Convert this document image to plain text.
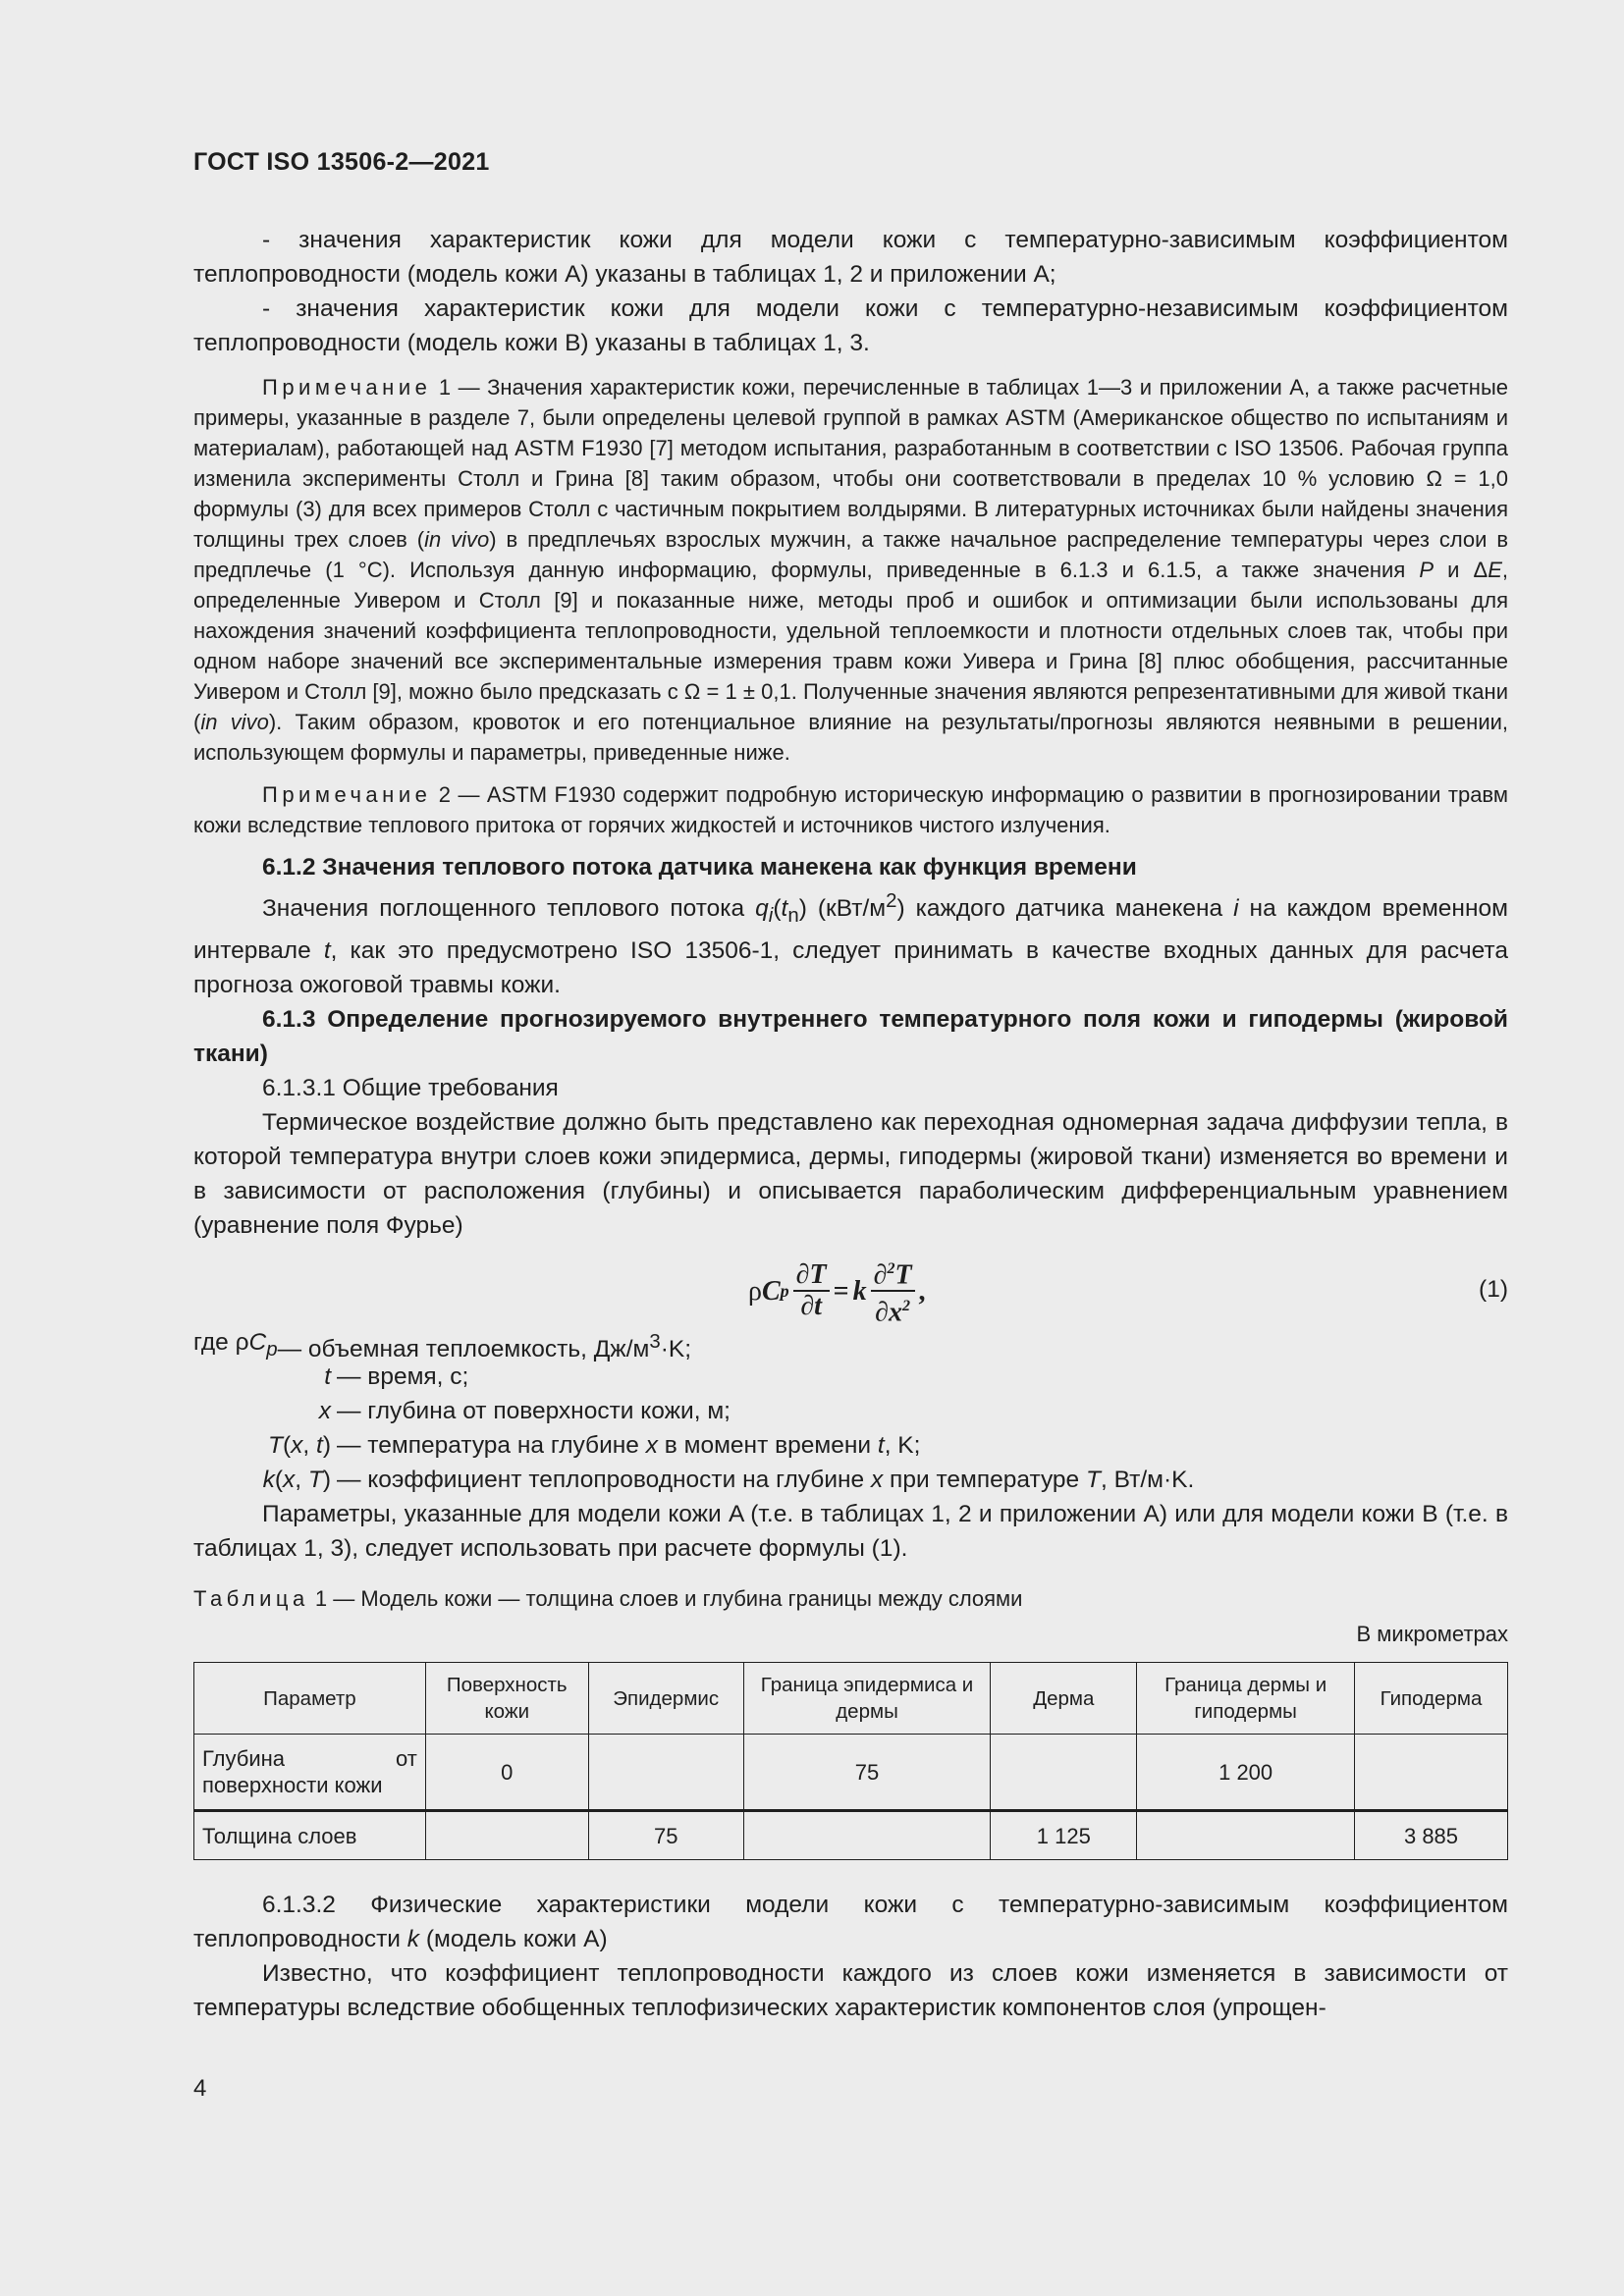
ГОСТ ISO 13506-2—2021

- значения характеристик кожи для модели кожи с температурно-зависимым коэффициентом теплопроводности (модель кожи A) указаны в таблицах 1, 2 и приложении А;

- значения характеристик кожи для модели кожи с температурно-независимым коэффициентом теплопроводности (модель кожи B) указаны в таблицах 1, 3.

Примечание 1 — Значения характеристик кожи, перечисленные в таблицах 1—3 и приложении А, а также расчетные примеры, указанные в разделе 7, были определены целевой группой в рамках ASTM (Американское общество по испытаниям и материалам), работающей над ASTM F1930 [7] методом испытания, разработанным в соответствии с ISO 13506. Рабочая группа изменила эксперименты Столл и Грина [8] таким образом, чтобы они соответствовали в пределах 10 % условию Ω = 1,0 формулы (3) для всех примеров Столл с частичным покрытием волдырями. В литературных источниках были найдены значения толщины трех слоев (in vivo) в предплечьях взрослых мужчин, а также начальное распределение температуры через слои в предплечье (1 °С). Используя данную информацию, формулы, приведенные в 6.1.3 и 6.1.5, а также значения P и ΔE, определенные Уивером и Столл [9] и показанные ниже, методы проб и ошибок и оптимизации были использованы для нахождения значений коэффициента теплопроводности, удельной теплоемкости и плотности отдельных слоев так, чтобы при одном наборе значений все экспериментальные измерения травм кожи Уивера и Грина [8] плюс обобщения, рассчитанные Уивером и Столл [9], можно было предсказать с Ω = 1 ± 0,1. Полученные значения являются репрезентативными для живой ткани (in vivo). Таким образом, кровоток и его потенциальное влияние на результаты/прогнозы являются неявными в решении, использующем формулы и параметры, приведенные ниже.

Примечание 2 — ASTM F1930 содержит подробную историческую информацию о развитии в прогнозировании травм кожи вследствие теплового притока от горячих жидкостей и источников чистого излучения.

6.1.2 Значения теплового потока датчика манекена как функция времени

Значения поглощенного теплового потока $q_i(t_n)$ $(кВт/м^2)$ каждого датчика манекена i на каждом временном интервале t, как это предусмотрено ISO 13506-1, следует принимать в качестве входных данных для расчета прогноза ожоговой травмы кожи.

6.1.3 Определение прогнозируемого внутреннего температурного поля кожи и гиподермы (жировой ткани)

6.1.3.1 Общие требования

Термическое воздействие должно быть представлено как переходная одномерная задача диффузии тепла, в которой температура внутри слоев кожи эпидермиса, дермы, гиподермы (жировой ткани) изменяется во времени и в зависимости от расположения (глубины) и описывается параболическим дифференциальным уравнением (уравнение поля Фурье)

ρ C p $\frac{\partial T}{\partial t} = k \frac{\partial^2T}{\partial x^2}$ ,	(1)
где $\rho C_p$ — объемная теплоемкость, $Дж/м^3\cdot K$;
t — время, с;
x — глубина от поверхности кожи, м;
T(x, t) — температура на глубине x в момент времени t, K;
k(x, T) — коэффициент теплопроводности на глубине x при температуре T, Вт/м·K.

Параметры, указанные для модели кожи A (т.е. в таблицах 1, 2 и приложении А) или для модели кожи B (т.е. в таблицах 1, 3), следует использовать при расчете формулы (1).

Таблица 1 — Модель кожи — толщина слоев и глубина границы между слоями
В микрометрах
Параметр	Поверхность кожи	Эпидермис	Граница эпидермиса и дермы	Дерма	Граница дермы и гиподермы	Гиподерма
Глубина от поверхности кожи	0		75		1 200	
Толщина слоев		75		1 125		3 885

6.1.3.2 Физические характеристики модели кожи с температурно-зависимым коэффициентом теплопроводности k (модель кожи A)

Известно, что коэффициент теплопроводности каждого из слоев кожи изменяется в зависимости от температуры вследствие обобщенных теплофизических характеристик компонентов слоя (упрощен-

4
